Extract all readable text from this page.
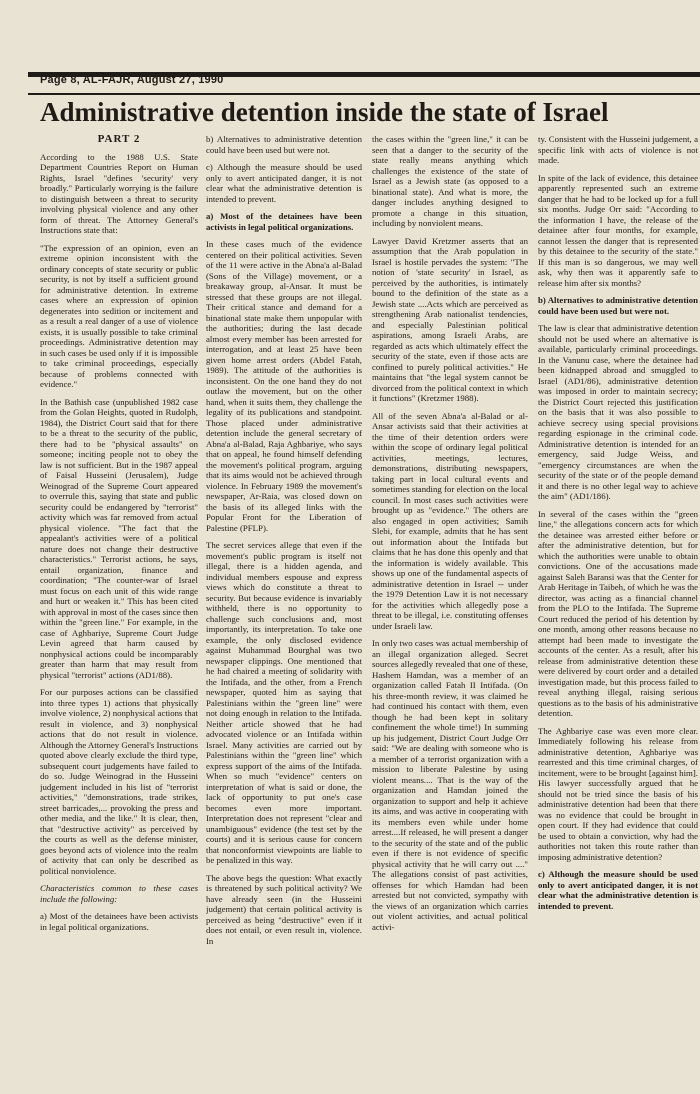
Page 8, AL-FAJR, August 27, 1990
Administrative detention inside the state of Israel

PART 2

According to the 1988 U.S. State Department Countries Report on Human Rights, Israel "defines 'security' very broadly." Particularly worrying is the failure to distinguish between a threat to security involving physical violence and any other form of threat. The Attorney General's Instructions state that:

"The expression of an opinion, even an extreme opinion inconsistent with the ordinary concepts of state security or public security, is not by itself a sufficient ground for administrative detention. In extreme cases where an expression of opinion degenerates into sedition or incitement and as a result a real danger of a use of violence exists, it is usually possible to take criminal proceedings. Administrative detention may in such cases be used only if it is impossible to take criminal proceedings, especially because of problems connected with evidence."

In the Bathish case (unpublished 1982 case from the Golan Heights, quoted in Rudolph, 1984), the District Court said that for there to be a threat to the security of the public, there had to be "physical assaults" on someone; inciting people not to obey the law is not sufficient. But in the 1987 appeal of Faisal Husseini (Jerusalem), Judge Weinograd of the Supreme Court appeared to overrule this, saying that state and public security could be endangered by "terrorist" activity which was far removed from actual physical violence. "The fact that the appealant's activities were of a political nature does not change their destructive characteristics." Terrorist actions, he says, entail organization, finance and coordination; "The counter-war of Israel must focus on each unit of this wide range and hurt or weaken it." This has been cited with approval in most of the cases since then within the "green line." For example, in the case of Aghbariye, Supreme Court Judge Levin agreed that harm caused by nonphysical actions could be incomparably greater than harm that may result from physical "terrorist" actions (AD1/88).

For our purposes actions can be classified into three types 1) actions that physically involve violence, 2) nonphysical actions that result in violence, and 3) nonphysical actions that do not result in violence. Although the Attorney General's Instructions quoted above clearly exclude the third type, subsequent court judgements have failed to do so. Judge Weinograd in the Husseini judgement included in his list of "terrorist activities," "demonstrations, trade strikes, street barricades,... provoking the press and other media, and the like." It is clear, then, that "destructive activity" as perceived by the courts as well as the defense minister, goes beyond acts of violence into the realm of activity that can only be described as political nonviolence.

Characteristics common to these cases include the following:

a) Most of the detainees have been activists in legal political organizations.

b) Alternatives to administrative detention could have been used but were not.

c) Although the measure should be used only to avert anticipated danger, it is not clear what the administrative detention is intended to prevent.

a) Most of the detainees have been activists in legal political organizations.

In these cases much of the evidence centered on their political activities. Seven of the 11 were active in the Abna'a al-Balad (Sons of the Village) movement, or a breakaway group, al-Ansar. It must be stressed that these groups are not illegal. Their critical stance and demand for a binational state make them unpopular with the authorities; during the last decade almost every member has been arrested for interrogation, and at least 25 have been given home arrest orders (Abdel Fatah, 1989). The attitude of the authorities is inconsistent. On the one hand they do not outlaw the movement, but on the other hand, when it suits them, they challenge the legality of its publications and standpoint. Those placed under administrative detention include the general secretary of Abna'a al-Balad, Raja Aghbariye, who says that on appeal, he found himself defending the movement's political program, arguing that its aims would not be achieved through violence. In February 1989 the movement's newspaper, Ar-Raia, was closed down on the basis of its alleged links with the Popular Front for the Liberation of Palestine (PFLP).

The secret services allege that even if the movement's public program is itself not illegal, there is a hidden agenda, and individual members espouse and express views which do constitute a threat to security. But because evidence is invariably withheld, there is no opportunity to challenge such conclusions and, most importantly, its interpretation. To take one example, the only disclosed evidence against Muhammad Bourghal was two newspaper clippings. One mentioned that he had chaired a meeting of solidarity with the Intifada, and the other, from a French newspaper, quoted him as saying that Palestinians within the "green line" were not doing enough in relation to the Intifada. Neither article showed that he had advocated violence or an Intifada within Israel. Many activities are carried out by Palestinians within the "green line" which express support of the aims of the Intifada. When so much "evidence" centers on interpretation of what is said or done, the lack of opportunity to put one's case becomes even more important. Interpretation does not represent "clear and unambiguous" evidence (the test set by the courts) and it is serious cause for concern that nonconformist viewpoints are liable to be penalized in this way.

The above begs the question: What exactly is threatened by such political activity? We have already seen (in the Husseini judgement) that certain political activity is perceived as being "destructive" even if it does not entail, or even result in, violence. In

the cases within the "green line," it can be seen that a danger to the security of the state really means anything which challenges the existence of the state of Israel as a Jewish state (as opposed to a binational state). And what is more, the danger includes anything designed to promote a change in this situation, including by nonviolent means.

Lawyer David Kretzmer asserts that an assumption that the Arab population in Israel is hostile pervades the system: "The notion of 'state security' in Israel, as perceived by the authorities, is intimately bound to the definition of the state as a Jewish state ....Acts which are perceived as strengthening Arab nationalist tendencies, and especially Palestinian political aspirations, among Israeli Arabs, are regarded as acts which ultimately effect the security of the state, even if those acts are confined to purely political activities." He maintains that "the legal system cannot be divorced from the political context in which it functions" (Kretzmer 1988).

All of the seven Abna'a al-Balad or al-Ansar activists said that their activities at the time of their detention orders were within the scope of ordinary legal political activities, meetings, lectures, demonstrations, distributing newspapers, taking part in local cultural events and sometimes standing for election on the local council. In most cases such activities were brought up as "evidence." The others are also engaged in open activities; Samih Slebi, for example, admits that he has sent out information about the Intifada but claims that he has done this openly and that the information is widely available. This shows up one of the fundamental aspects of administrative detention in Israel -- under the 1979 Detention Law it is not necessary for the activities which allegedly pose a threat to be illegal, i.e. constituting offenses under Israeli law.

In only two cases was actual membership of an illegal organization alleged. Secret sources allegedly revealed that one of these, Hashem Hamdan, was a member of an organization called Fatah II Intifada. (On his three-month review, it was claimed he had continued his contact with them, even though he had been kept in solitary confinement the whole time!) In summing up his judgement, District Court Judge Orr said: "We are dealing with someone who is a member of a terrorist organization with a mission to liberate Palestine by using violent means.... That is the way of the organization and Hamdan joined the organization to support and help it achieve its aims, and was active in cooperating with its members even while under home arrest....If released, he will present a danger to the security of the state and of the public even if there is not evidence of specific physical activity that he will carry out ...." The allegations consist of past activities, offenses for which Hamdan had been arrested but not convicted, sympathy with the views of an organization which carries out violent activities, and actual political activi-

ty. Consistent with the Husseini judgement, a specific link with acts of violence is not made.

In spite of the lack of evidence, this detainee apparently represented such an extreme danger that he had to be locked up for a full six months. Judge Orr said: "According to the information I have, the release of the detainee after four months, for example, cannot lessen the danger that is represented by this detainee to the security of the state." If this man is so dangerous, we may well ask, why then was it apparently safe to release him after six months?

b) Alternatives to administrative detention could have been used but were not.

The law is clear that administrative detention should not be used where an alternative is available, particularly criminal proceedings. In the Vanunu case, where the detainee had been kidnapped abroad and smuggled to Israel (AD1/86), administrative detention was imposed in order to maintain secrecy; the District Court rejected this justification on the basis that it was also possible to achieve secrecy using special provisions regarding espionage in the criminal code. Administrative detention is intended for an emergency, said Judge Weiss, and "emergency circumstances are when the security of the state or of the people demand it and there is no other legal way to achieve the aim" (AD1/186).

In several of the cases within the "green line," the allegations concern acts for which the detainee was arrested either before or after the administrative detention, but for which the authorities were unable to obtain convictions. One of the accusations made against Saleh Baransi was that the Center for Arab Heritage in Taibeh, of which he was the director, was acting as a financial channel from the PLO to the Intifada. The Supreme Court reduced the period of his detention by one month, among other reasons because no attempt had been made to investigate the accounts of the center. As a result, after his release from administrative detention these were delivered by court order and a detailed investigation made, but this process failed to reveal anything illegal, raising serious questions as to the basis of his administrative detention.

The Aghbariye case was even more clear. Immediately following his release from administrative detention, Aghbariye was rearrested and this time criminal charges, of incitement, were to be brought [against him]. His lawyer successfully argued that he should not be tried since the basis of his administrative detention had been that there was no evidence that could be brought in open court. If they had evidence that could be used to obtain a conviction, why had the authorities not taken this route rather than imposing administrative detention?

c) Although the measure should be used only to avert anticipated danger, it is not clear what the administrative detention is intended to prevent.
